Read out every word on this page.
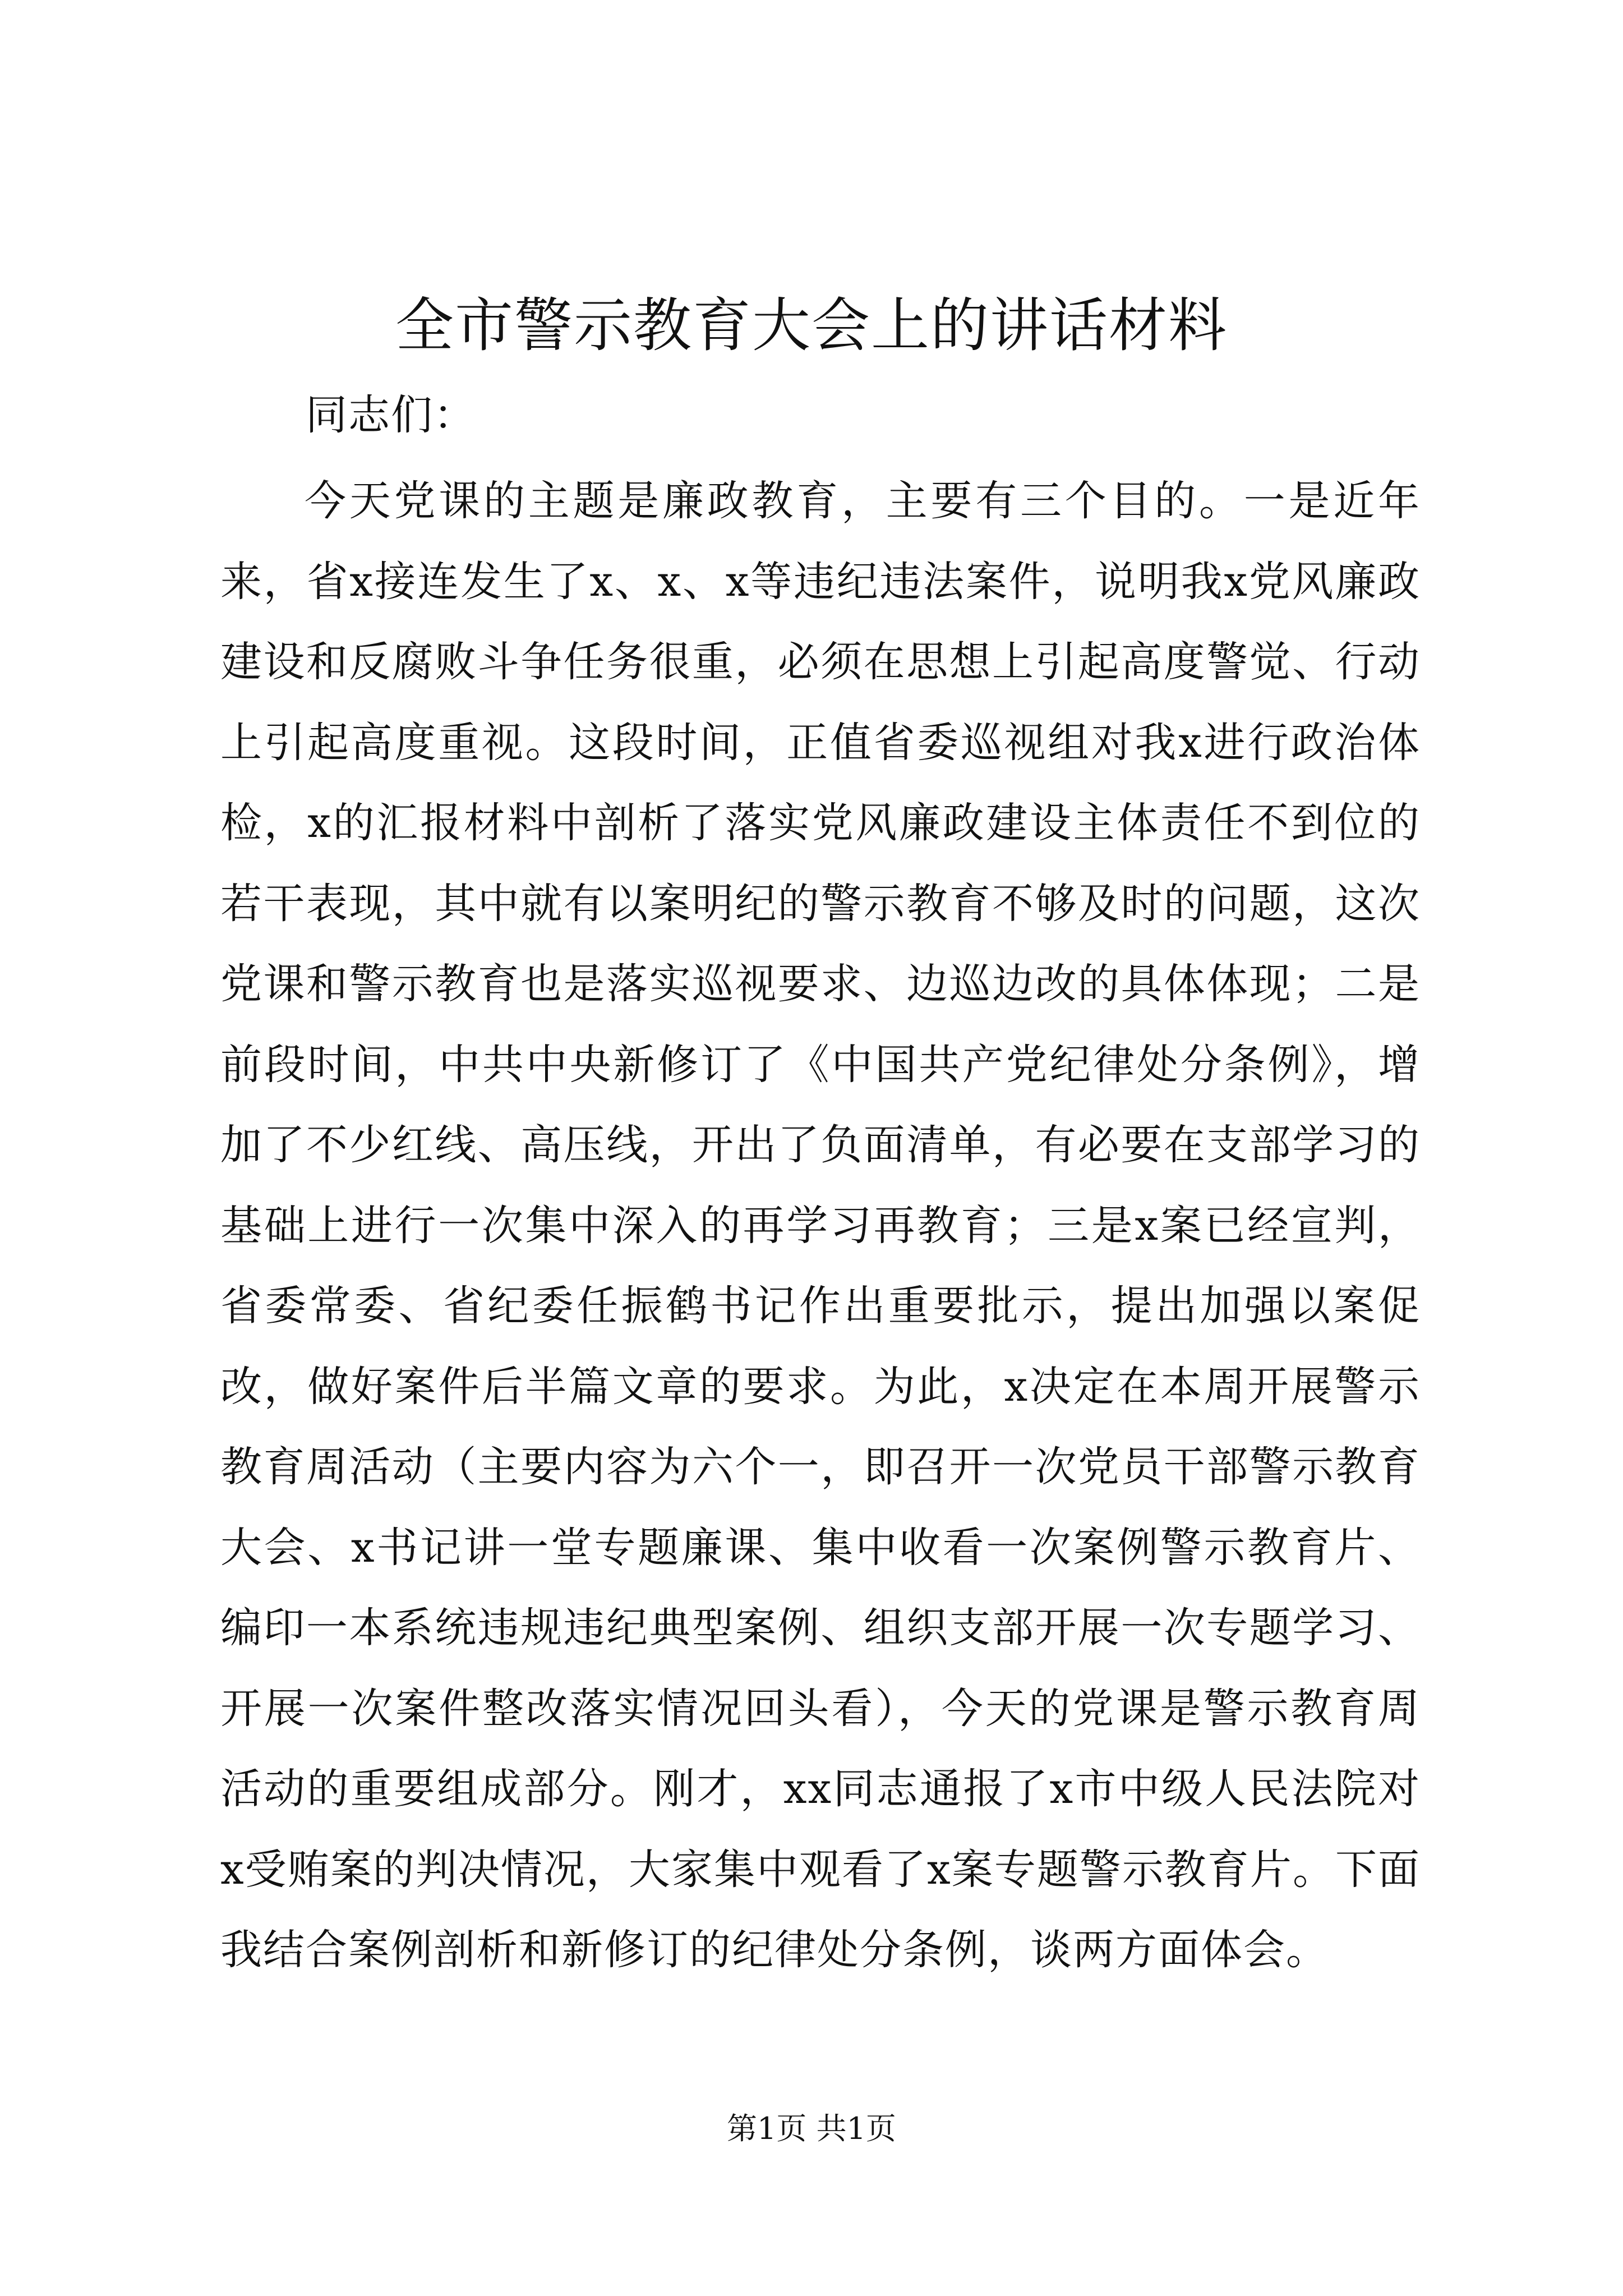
全市警示教育大会上的讲话材料

同志们：

今天党课的主题是廉政教育，主要有三个目的。一是近年来，省x接连发生了x、x、x等违纪违法案件，说明我x党风廉政建设和反腐败斗争任务很重，必须在思想上引起高度警觉、行动上引起高度重视。这段时间，正值省委巡视组对我x进行政治体检，x的汇报材料中剖析了落实党风廉政建设主体责任不到位的若干表现，其中就有以案明纪的警示教育不够及时的问题，这次党课和警示教育也是落实巡视要求、边巡边改的具体体现；二是前段时间，中共中央新修订了《中国共产党纪律处分条例》，增加了不少红线、高压线，开出了负面清单，有必要在支部学习的基础上进行一次集中深入的再学习再教育；三是x案已经宣判，省委常委、省纪委任振鹤书记作出重要批示，提出加强以案促改，做好案件后半篇文章的要求。为此，x决定在本周开展警示教育周活动（主要内容为六个一，即召开一次党员干部警示教育大会、x书记讲一堂专题廉课、集中收看一次案例警示教育片、编印一本系统违规违纪典型案例、组织支部开展一次专题学习、开展一次案件整改落实情况回头看），今天的党课是警示教育周活动的重要组成部分。刚才，xx同志通报了x市中级人民法院对x受贿案的判决情况，大家集中观看了x案专题警示教育片。下面我结合案例剖析和新修订的纪律处分条例，谈两方面体会。

第1页 共1页
